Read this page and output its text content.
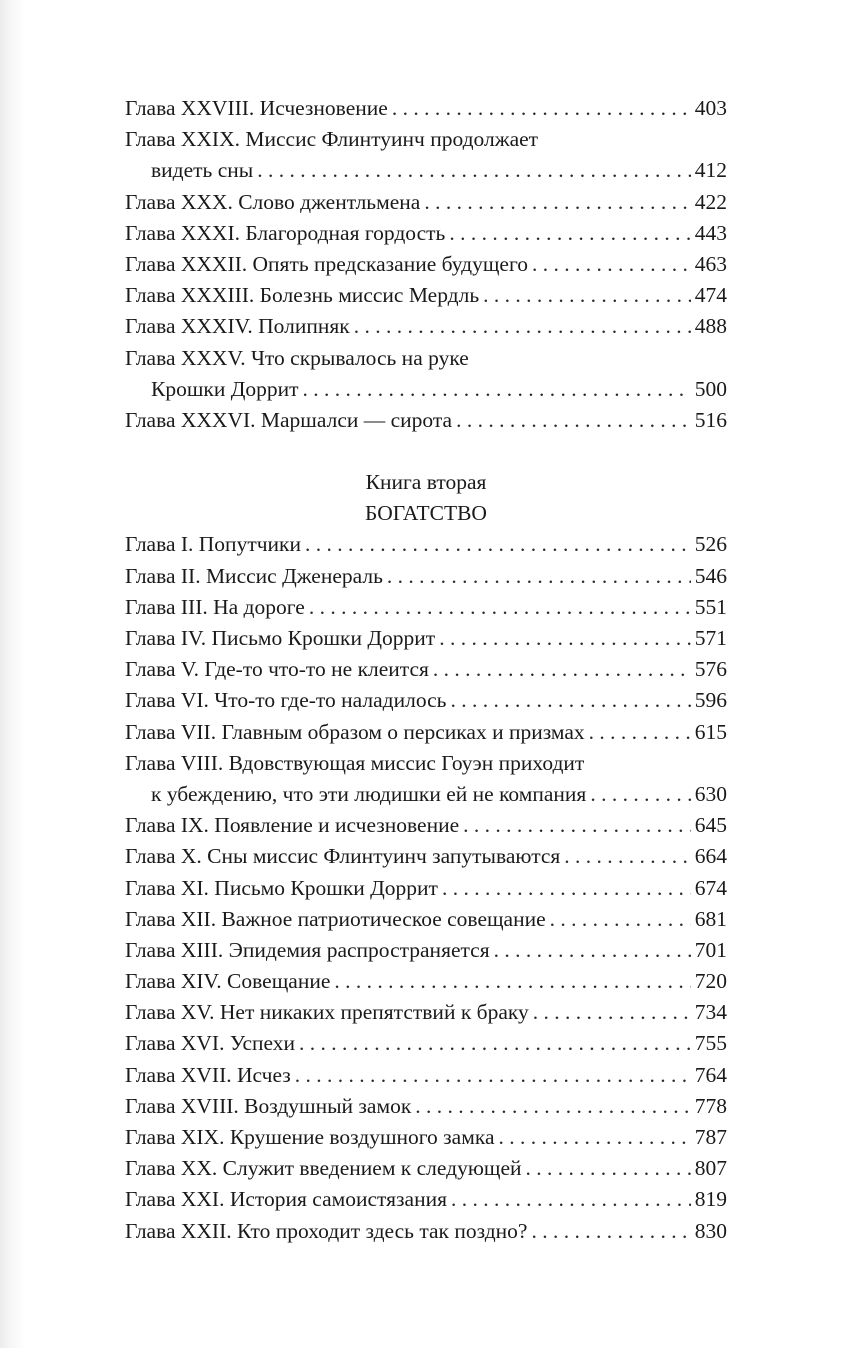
Глава XXVIII. Исчезновение . . .	403
Глава XXIX. Миссис Флинтуинч продолжает
видеть сны . . .	412
Глава XXX. Слово джентльмена . . .	422
Глава XXXI. Благородная гордость . . .	443
Глава XXXII. Опять предсказание будущего . . .	463
Глава XXXIII. Болезнь миссис Мердль . . .	474
Глава XXXIV. Полипняк . . .	488
Глава XXXV. Что скрывалось на руке
Крошки Доррит . . .	500
Глава XXXVI. Маршалси — сирота . . .	516
Книга вторая
БОГАТСТВО
Глава I. Попутчики . . .	526
Глава II. Миссис Дженераль . . .	546
Глава III. На дороге . . .	551
Глава IV. Письмо Крошки Доррит . . .	571
Глава V. Где-то что-то не клеится . . .	576
Глава VI. Что-то где-то наладилось . . .	596
Глава VII. Главным образом о персиках и призмах . . .	615
Глава VIII. Вдовствующая миссис Гоуэн приходит
к убеждению, что эти людишки ей не компания . . .	630
Глава IX. Появление и исчезновение . . .	645
Глава X. Сны миссис Флинтуинч запутываются . . .	664
Глава XI. Письмо Крошки Доррит . . .	674
Глава XII. Важное патриотическое совещание . . .	681
Глава XIII. Эпидемия распространяется . . .	701
Глава XIV. Совещание . . .	720
Глава XV. Нет никаких препятствий к браку . . .	734
Глава XVI. Успехи . . .	755
Глава XVII. Исчез . . .	764
Глава XVIII. Воздушный замок . . .	778
Глава XIX. Крушение воздушного замка . . .	787
Глава XX. Служит введением к следующей . . .	807
Глава XXI. История самоистязания . . .	819
Глава XXII. Кто проходит здесь так поздно? . . .	830
